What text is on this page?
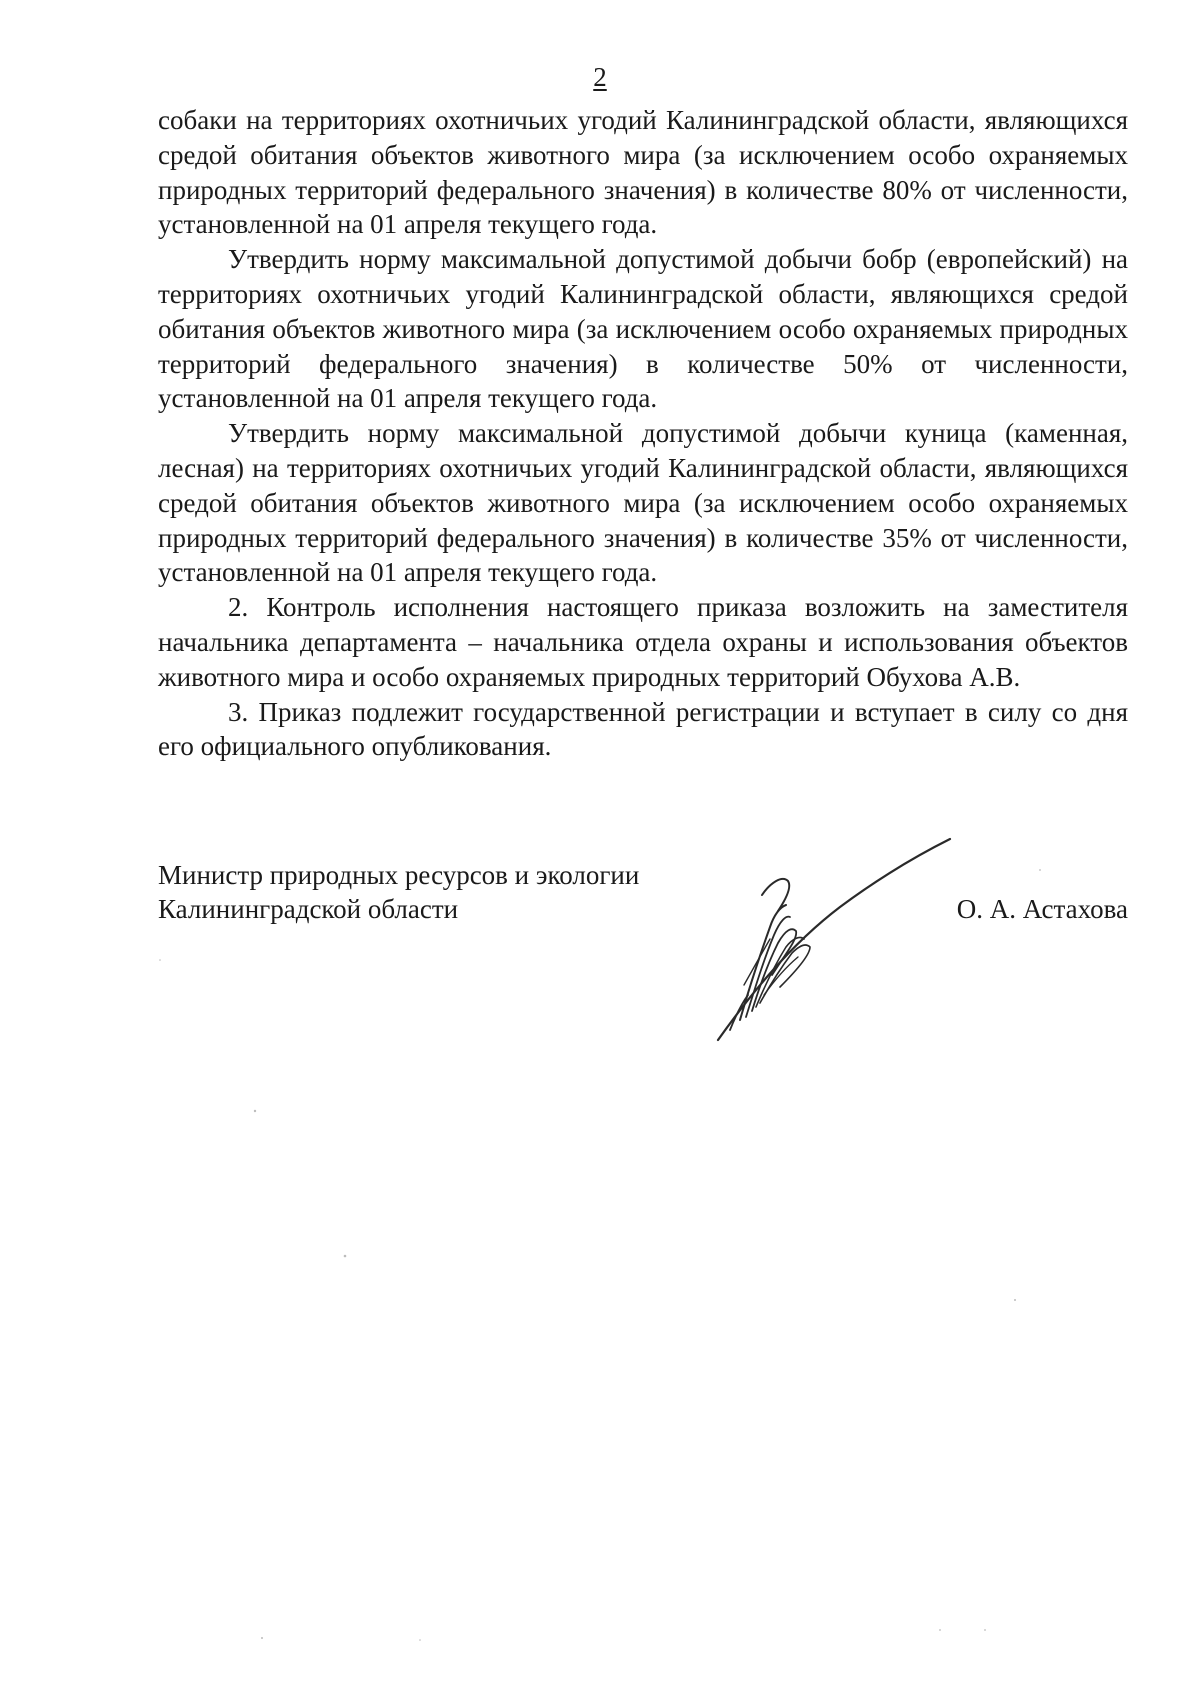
2

собаки на территориях охотничьих угодий Калининградской области, являющихся средой обитания объектов животного мира (за исключением особо охраняемых природных территорий федерального значения) в количестве 80% от численности, установленной на 01 апреля текущего года.

Утвердить норму максимальной допустимой добычи бобр (европейский) на территориях охотничьих угодий Калининградской области, являющихся средой обитания объектов животного мира (за исключением особо охраняемых природных территорий федерального значения) в количестве 50% от численности, установленной на 01 апреля текущего года.

Утвердить норму максимальной допустимой добычи куница (каменная, лесная) на территориях охотничьих угодий Калининградской области, являющихся средой обитания объектов животного мира (за исключением особо охраняемых природных территорий федерального значения) в количестве 35% от численности, установленной на 01 апреля текущего года.

2. Контроль исполнения настоящего приказа возложить на заместителя начальника департамента – начальника отдела охраны и использования объектов животного мира и особо охраняемых природных территорий Обухова А.В.

3. Приказ подлежит государственной регистрации и вступает в силу со дня его официального опубликования.

Министр природных ресурсов и экологии
Калининградской области	О. А. Астахова
